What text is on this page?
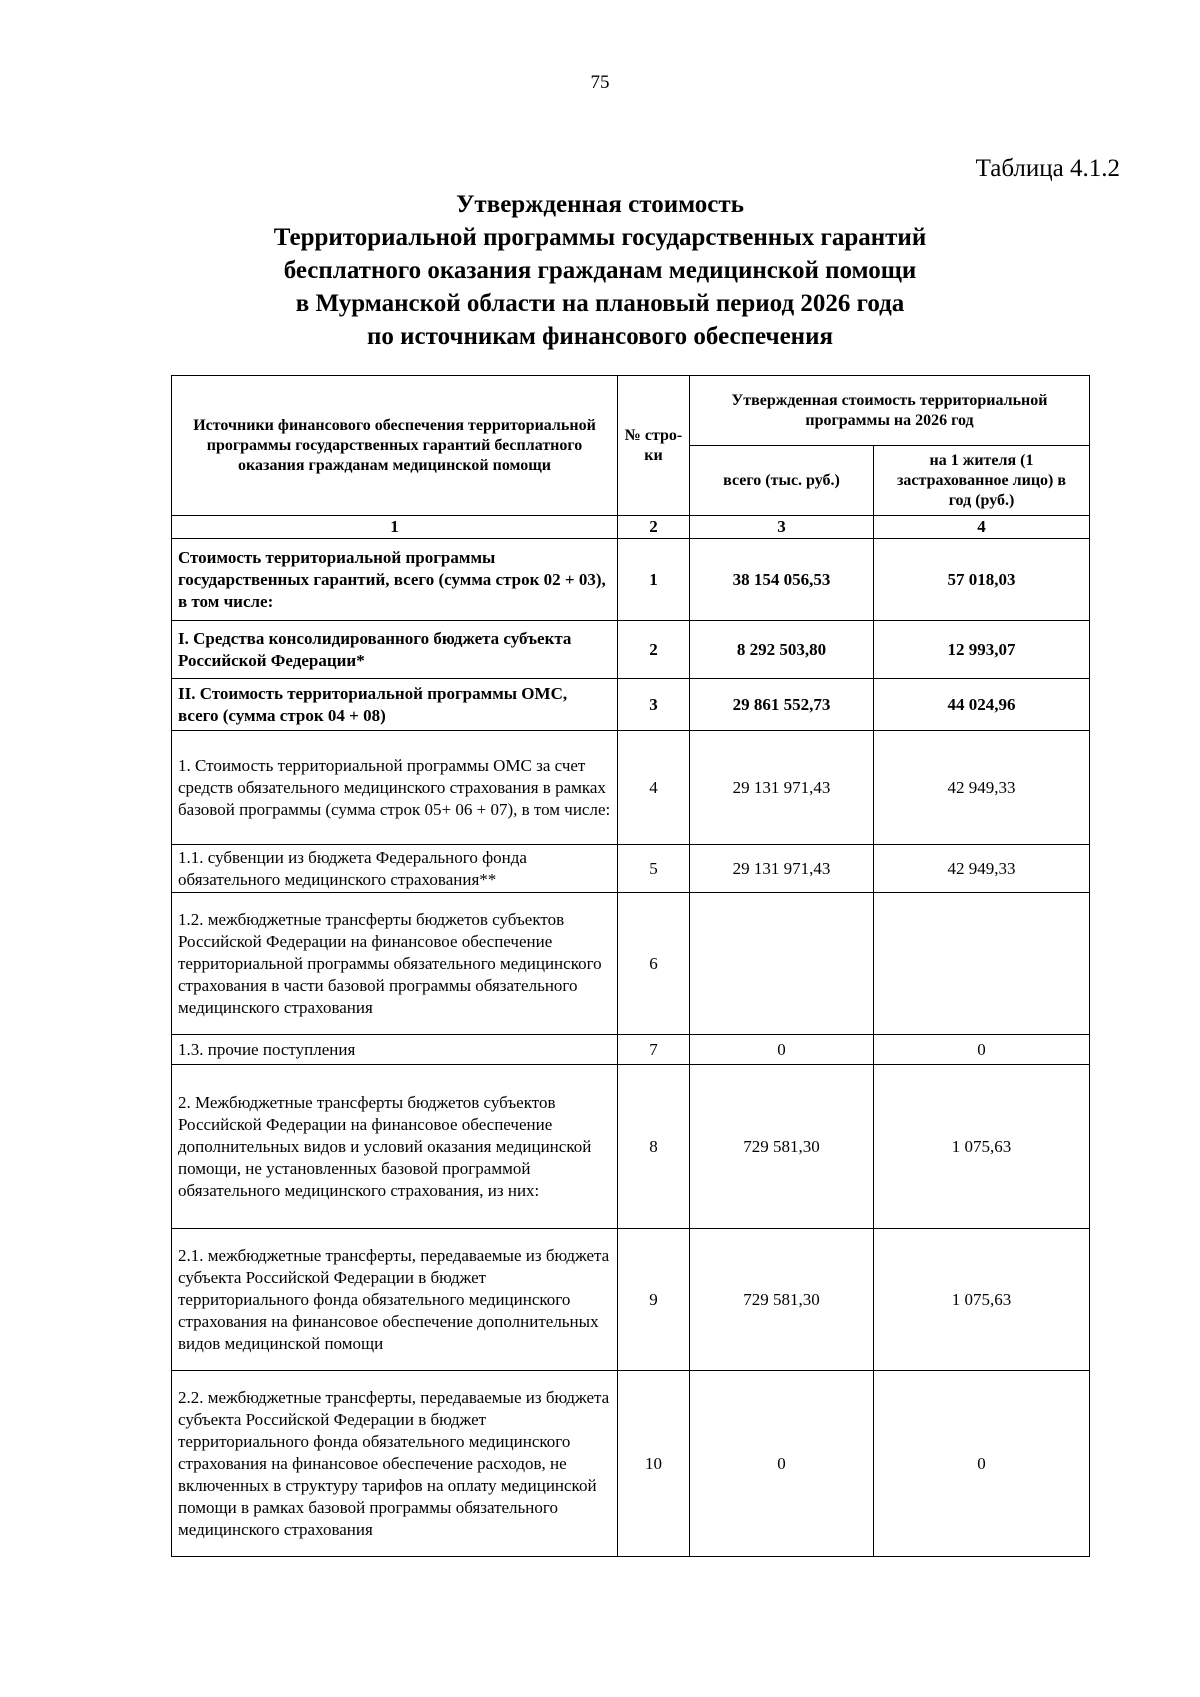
75
Таблица 4.1.2
Утвержденная стоимость
Территориальной программы государственных гарантий
бесплатного оказания гражданам медицинской помощи
в Мурманской области на плановый период 2026 года
по источникам финансового обеспечения
Источники финансового обеспечения территориальной программы государственных гарантий бесплатного оказания гражданам медицинской помощи	№ стро-ки	Утвержденная стоимость территориальной программы на 2026 год	
		всего (тыс. руб.)	на 1 жителя (1 застрахованное лицо) в год (руб.)
1	2	3	4
Стоимость территориальной программы государственных гарантий, всего (сумма строк 02 + 03), в том числе:	1	38 154 056,53	57 018,03
I. Средства консолидированного бюджета субъекта Российской Федерации*	2	8 292 503,80	12 993,07
II. Стоимость территориальной программы ОМС, всего (сумма строк 04 + 08)	3	29 861 552,73	44 024,96
1. Стоимость территориальной программы ОМС за счет средств обязательного медицинского страхования в рамках базовой программы (сумма строк 05+ 06 + 07), в том числе:	4	29 131 971,43	42 949,33
1.1. субвенции из бюджета Федерального фонда обязательного медицинского страхования**	5	29 131 971,43	42 949,33
1.2. межбюджетные трансферты бюджетов субъектов Российской Федерации на финансовое обеспечение территориальной программы обязательного медицинского страхования в части базовой программы обязательного медицинского страхования	6		
1.3. прочие поступления	7	0	0
2. Межбюджетные трансферты бюджетов субъектов Российской Федерации на финансовое обеспечение дополнительных видов и условий оказания медицинской помощи, не установленных базовой программой обязательного медицинского страхования, из них:	8	729 581,30	1 075,63
2.1. межбюджетные трансферты, передаваемые из бюджета субъекта Российской Федерации в бюджет территориального фонда обязательного медицинского страхования на финансовое обеспечение дополнительных видов медицинской помощи	9	729 581,30	1 075,63
2.2. межбюджетные трансферты, передаваемые из бюджета субъекта Российской Федерации в бюджет территориального фонда обязательного медицинского страхования на финансовое обеспечение расходов, не включенных в структуру тарифов на оплату медицинской помощи в рамках базовой программы обязательного медицинского страхования	10	0	0
